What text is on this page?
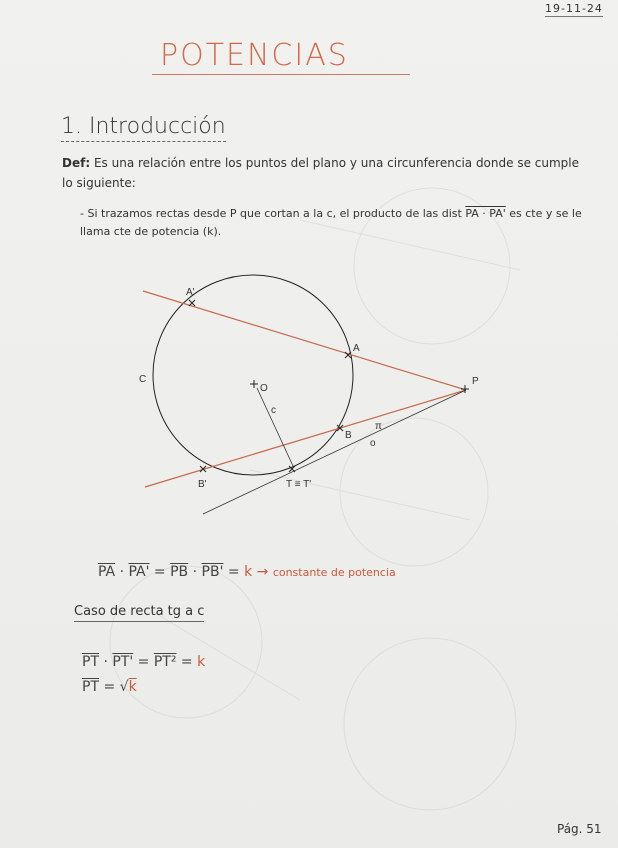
19-11-24
POTENCIAS
1. Introducción
Def: Es una relación entre los puntos del plano y una circunferencia donde se cumple lo siguiente:
- Si trazamos rectas desde P que cortan a la c, el producto de las dist PA · PA' es cte y se le llama cte de potencia (k).
A'
A
C
O
P
B
B'	T ≡ T'
c
o
π
$\overline{PA} \cdot PA' = \overline{PB} \cdot PB' = k$ → constante de potencia
Caso de recta tg a c
$\overline{PT} \cdot PT' = PT^2 = k$
$\overline{PT} = √k$
Pág. 51
